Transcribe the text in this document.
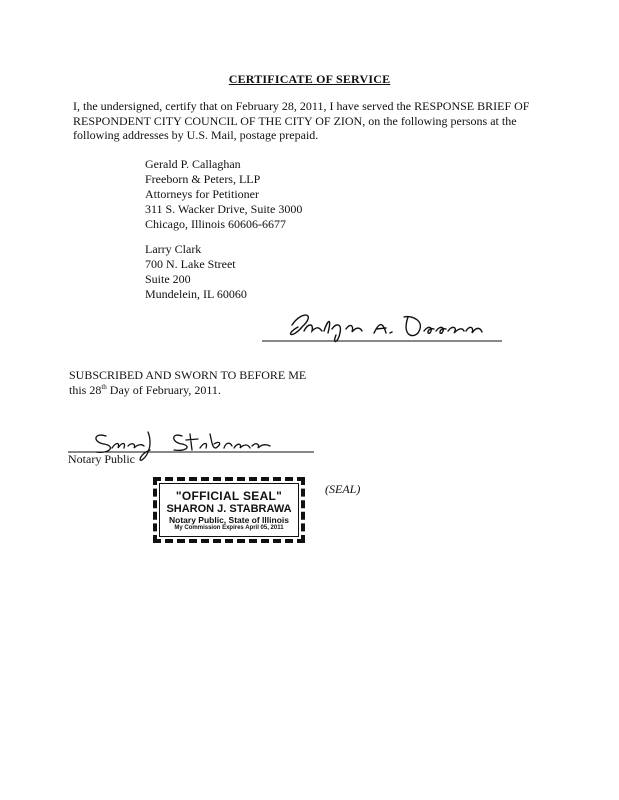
CERTIFICATE OF SERVICE
I, the undersigned, certify that on February 28, 2011, I have served the RESPONSE BRIEF OF
RESPONDENT CITY COUNCIL OF THE CITY OF ZION, on the following persons at the
following addresses by U.S. Mail, postage prepaid.
Gerald P. Callaghan
Freeborn & Peters, LLP
Attorneys for Petitioner
311 S. Wacker Drive, Suite 3000
Chicago, Illinois 60606-6677
Larry Clark
700 N. Lake Street
Suite 200
Mundelein, IL 60060
SUBSCRIBED AND SWORN TO BEFORE ME
this 28th Day of February, 2011.
Notary Public
"OFFICIAL SEAL"
SHARON J. STABRAWA
Notary Public, State of Illinois
My Commission Expires April 05, 2011
(SEAL)
